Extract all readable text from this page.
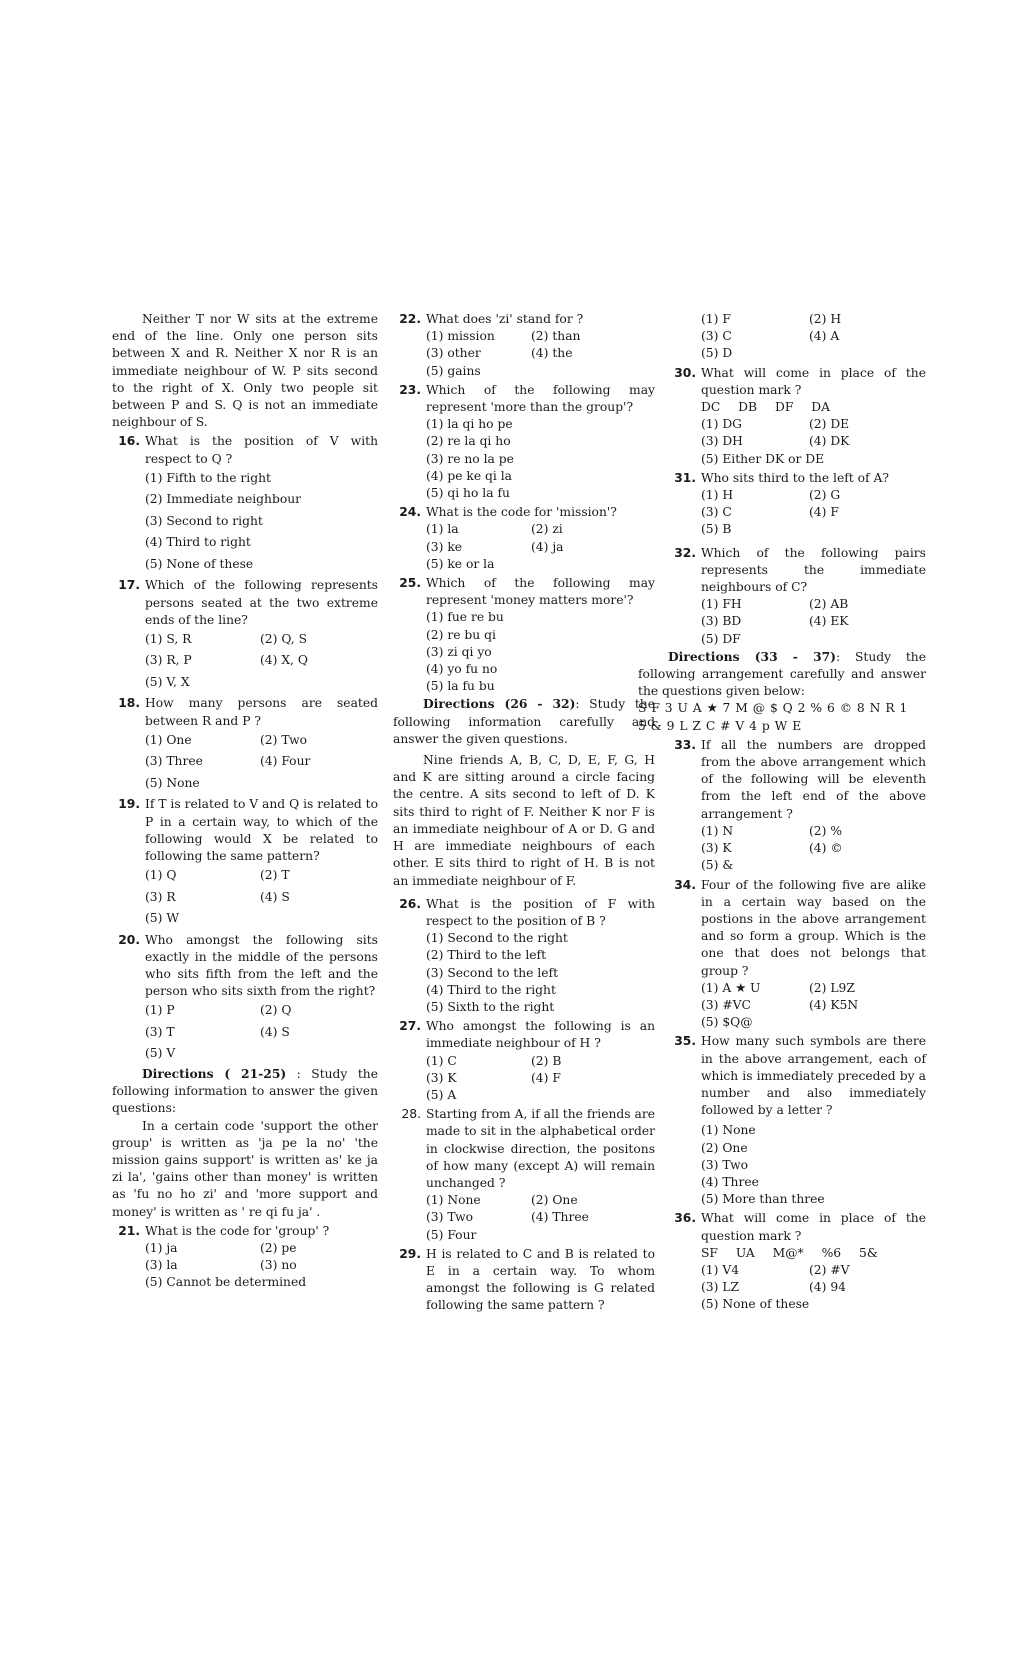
Neither T nor W sits at the extreme end of the line. Only one person sits between X and R. Neither X nor R is an immediate neighbour of W. P sits second to the right of X. Only two people sit between P and S. Q is not an immediate neighbour of S.

16. What is the position of V with respect to Q ?
(1) Fifth to the right
(2) Immediate neighbour
(3) Second to right
(4) Third to right
(5) None of these
17. Which of the following represents persons seated at the two extreme ends of the line?
(1) S, R	(2) Q, S
(3) R, P	(4) X, Q
(5) V, X
18. How many persons are seated between R and P ?
(1) One	(2) Two
(3) Three	(4) Four
(5) None
19. If T is related to V and Q is related to P in a certain way, to which of the following would X be related to following the same pattern?
(1) Q	(2) T
(3) R	(4) S
(5) W
20. Who amongst the following sits exactly in the middle of the persons who sits fifth from the left and the person who sits sixth from the right?
(1) P	(2) Q
(3) T	(4) S
(5) V

Directions ( 21-25) : Study the following information to answer the given questions:

In a certain code 'support the other group' is written as 'ja pe la no' 'the mission gains support' is written as' ke ja zi la', 'gains other than money' is written as 'fu no ho zi' and 'more support and money' is written as ' re qi fu ja' .

21. What is the code for 'group' ?
(1) ja	(2) pe
(3) la	(3) no
(5) Cannot be determined
22. What does 'zi' stand for ?
(1) mission	(2) than
(3) other	(4) the
(5) gains
23. Which of the following may represent 'more than the group'?
(1) la qi ho pe
(2) re la qi ho
(3) re no la pe
(4) pe ke qi la
(5) qi ho la fu
24. What is the code for 'mission'?
(1) la	(2) zi
(3) ke	(4) ja
(5) ke or la
25. Which of the following may represent 'money matters more'?
(1) fue re bu
(2) re bu qi
(3) zi qi yo
(4) yo fu no
(5) la fu bu

Directions (26 - 32): Study the following information carefully and answer the given questions.

Nine friends A, B, C, D, E, F, G, H and K are sitting around a circle facing the centre. A sits second to left of D. K sits third to right of F. Neither K nor F is an immediate neighbour of A or D. G and H are immediate neighbours of each other. E sits third to right of H. B is not an immediate neighbour of F.

26. What is the position of F with respect to the position of B ?
(1) Second to the right
(2) Third to the left
(3) Second to the left
(4) Third to the right
(5) Sixth to the right
27. Who amongst the following is an immediate neighbour of H ?
(1) C	(2) B
(3) K	(4) F
(5) A
28. Starting from A, if all the friends are made to sit in the alphabetical order in clockwise direction, the positons of how many (except A) will remain unchanged ?
(1) None	(2) One
(3) Two	(4) Three
(5) Four
29. H is related to C and B is related to E in a certain way. To whom amongst the following is G related following the same pattern ?
(1) F	(2) H
(3) C	(4) A
(5) D
30. What will come in place of the question mark ?
DC DB DF DA
(1) DG	(2) DE
(3) DH	(4) DK
(5) Either DK or DE
31. Who sits third to the left of A?
(1) H	(2) G
(3) C	(4) F
(5) B
32. Which of the following pairs represents the immediate neighbours of C?
(1) FH	(2) AB
(3) BD	(4) EK
(5) DF

Directions (33 - 37): Study the following arrangement carefully and answer the questions given below:

S F 3 U A ★ 7 M @ $ Q 2 % 6 © 8 N R 1

5 & 9 L Z C # V 4 p W E

33. If all the numbers are dropped from the above arrangement which of the following will be eleventh from the left end of the above arrangement ?
(1) N	(2) %
(3) K	(4) ©
(5) &
34. Four of the following five are alike in a certain way based on the postions in the above arrangement and so form a group. Which is the one that does not belongs that group ?
(1) A ★ U	(2) L9Z
(3) #VC	(4) K5N
(5) $Q@
35. How many such symbols are there in the above arrangement, each of which is immediately preceded by a number and also immediately followed by a letter ?
(1) None
(2) One
(3) Two
(4) Three
(5) More than three
36. What will come in place of the question mark ?
SF UA M@* %6 5&
(1) V4	(2) #V
(3) LZ	(4) 94
(5) None of these
